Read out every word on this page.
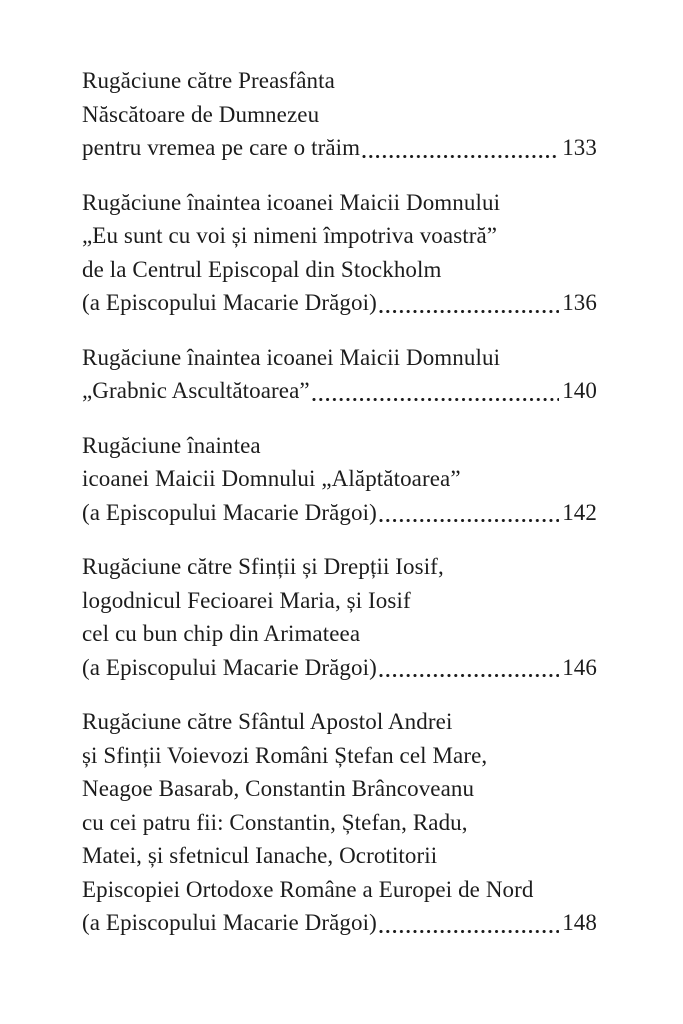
Rugăciune către Preasfânta
Născătoare de Dumnezeu
pentru vremea pe care o trăim	133
Rugăciune înaintea icoanei Maicii Domnului
„Eu sunt cu voi și nimeni împotriva voastră”
de la Centrul Episcopal din Stockholm
(a Episcopului Macarie Drăgoi)	136
Rugăciune înaintea icoanei Maicii Domnului
„Grabnic Ascultătoarea”	140
Rugăciune înaintea
icoanei Maicii Domnului „Alăptătoarea”
(a Episcopului Macarie Drăgoi)	142
Rugăciune către Sfinții și Drepții Iosif,
logodnicul Fecioarei Maria, și Iosif
cel cu bun chip din Arimateea
(a Episcopului Macarie Drăgoi)	146
Rugăciune către Sfântul Apostol Andrei
și Sfinții Voievozi Români Ștefan cel Mare,
Neagoe Basarab, Constantin Brâncoveanu
cu cei patru fii: Constantin, Ștefan, Radu,
Matei, și sfetnicul Ianache, Ocrotitorii
Episcopiei Ortodoxe Române a Europei de Nord
(a Episcopului Macarie Drăgoi)	148
